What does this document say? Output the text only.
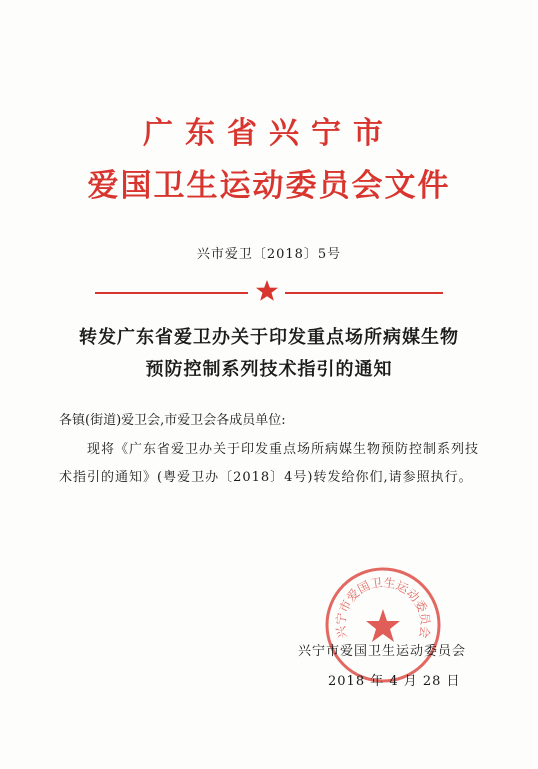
广东省兴宁市
爱国卫生运动委员会文件
兴市爱卫〔2018〕5号
转发广东省爱卫办关于印发重点场所病媒生物
预防控制系列技术指引的通知
各镇(街道)爱卫会,市爱卫会各成员单位:
现将《广东省爱卫办关于印发重点场所病媒生物预防控制系列技术指引的通知》(粤爱卫办〔2018〕4号)转发给你们,请参照执行。
兴宁市爱国卫生运动委员会
兴宁市爱国卫生运动委员会
2018 年 4 月 28 日
